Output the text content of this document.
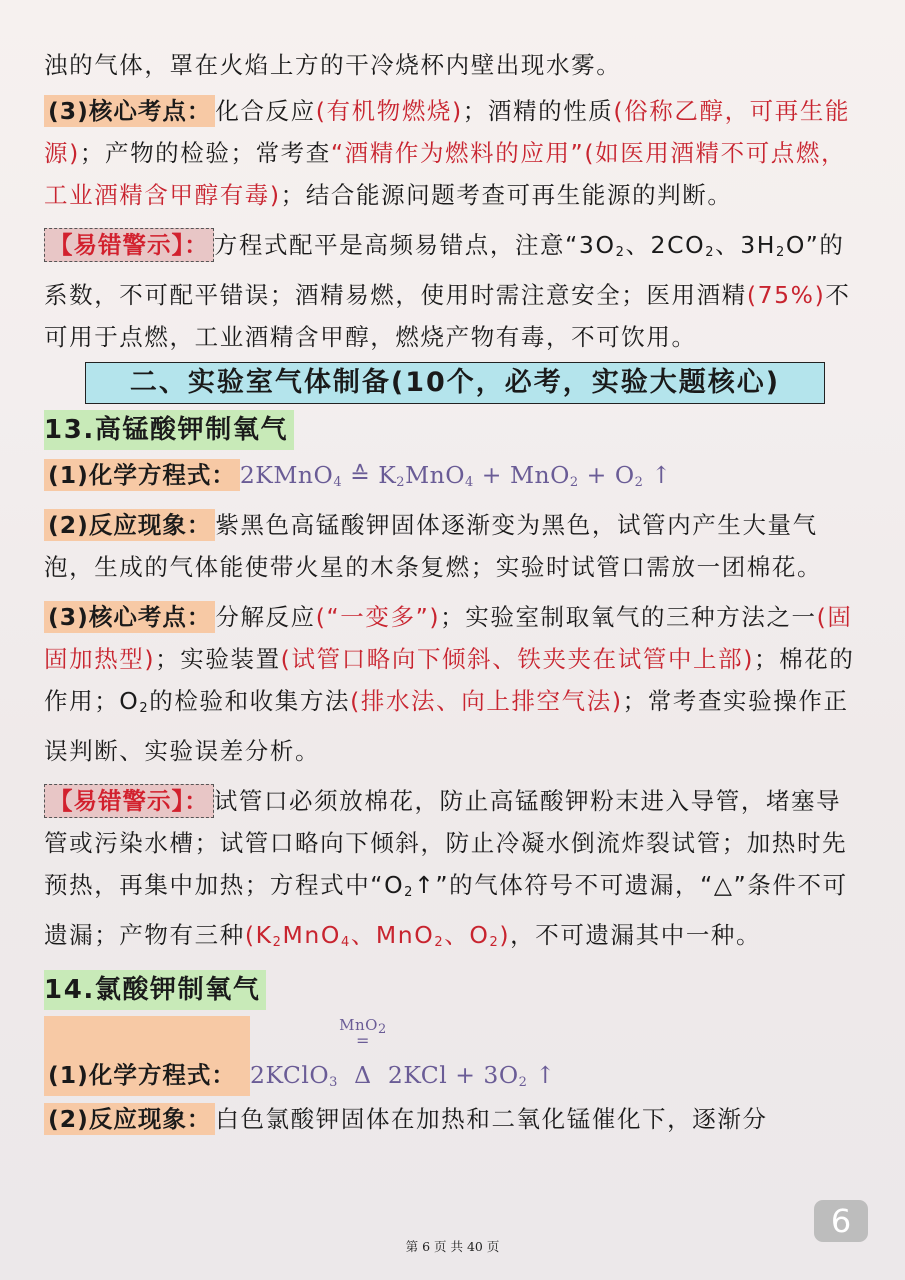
浊的气体，罩在火焰上方的干冷烧杯内壁出现水雾。

(3)核心考点： 化合反应(有机物燃烧)；酒精的性质(俗称乙醇，可再生能源)；产物的检验；常考查“酒精作为燃料的应用”(如医用酒精不可点燃，工业酒精含甲醇有毒)；结合能源问题考查可再生能源的判断。

【易错警示】： 方程式配平是高频易错点，注意“$3O_2$、$2CO_2$、$3H_2O$”的系数，不可配平错误；酒精易燃，使用时需注意安全；医用酒精(75%)不可用于点燃，工业酒精含甲醇，燃烧产物有毒，不可饮用。

二、实验室气体制备(10个，必考，实验大题核心)
13.高锰酸钾制氧气

(1)化学方程式： 2KMnO$_4$ ≙ $K_2MnO_4 + MnO_2 + O_2$ ↑

(2)反应现象： 紫黑色高锰酸钾固体逐渐变为黑色，试管内产生大量气泡，生成的气体能使带火星的木条复燃；实验时试管口需放一团棉花。

(3)核心考点： 分解反应(“一变多”)；实验室制取氧气的三种方法之一(固固加热型)；实验装置(试管口略向下倾斜、铁夹夹在试管中上部)；棉花的作用；$O_2$的检验和收集方法(排水法、向上排空气法)；常考查实验操作正误判断、实验误差分析。

【易错警示】： 试管口必须放棉花，防止高锰酸钾粉末进入导管，堵塞导管或污染水槽；试管口略向下倾斜，防止冷凝水倒流炸裂试管；加热时先预热，再集中加热；方程式中“$O_2↑$”的气体符号不可遗漏，“△”条件不可遗漏；产物有三种($K_2MnO_4$、MnO$_2$、$O_2$)，不可遗漏其中一种。

14.氯酸钾制氧气
(1)化学方程式： 2KClO$_3$
MnO$_2$
=
Δ $2KCl + 3O_2$ ↑

(2)反应现象： 白色氯酸钾固体在加热和二氧化锰催化下，逐渐分

第 6 页 共 40 页
6
